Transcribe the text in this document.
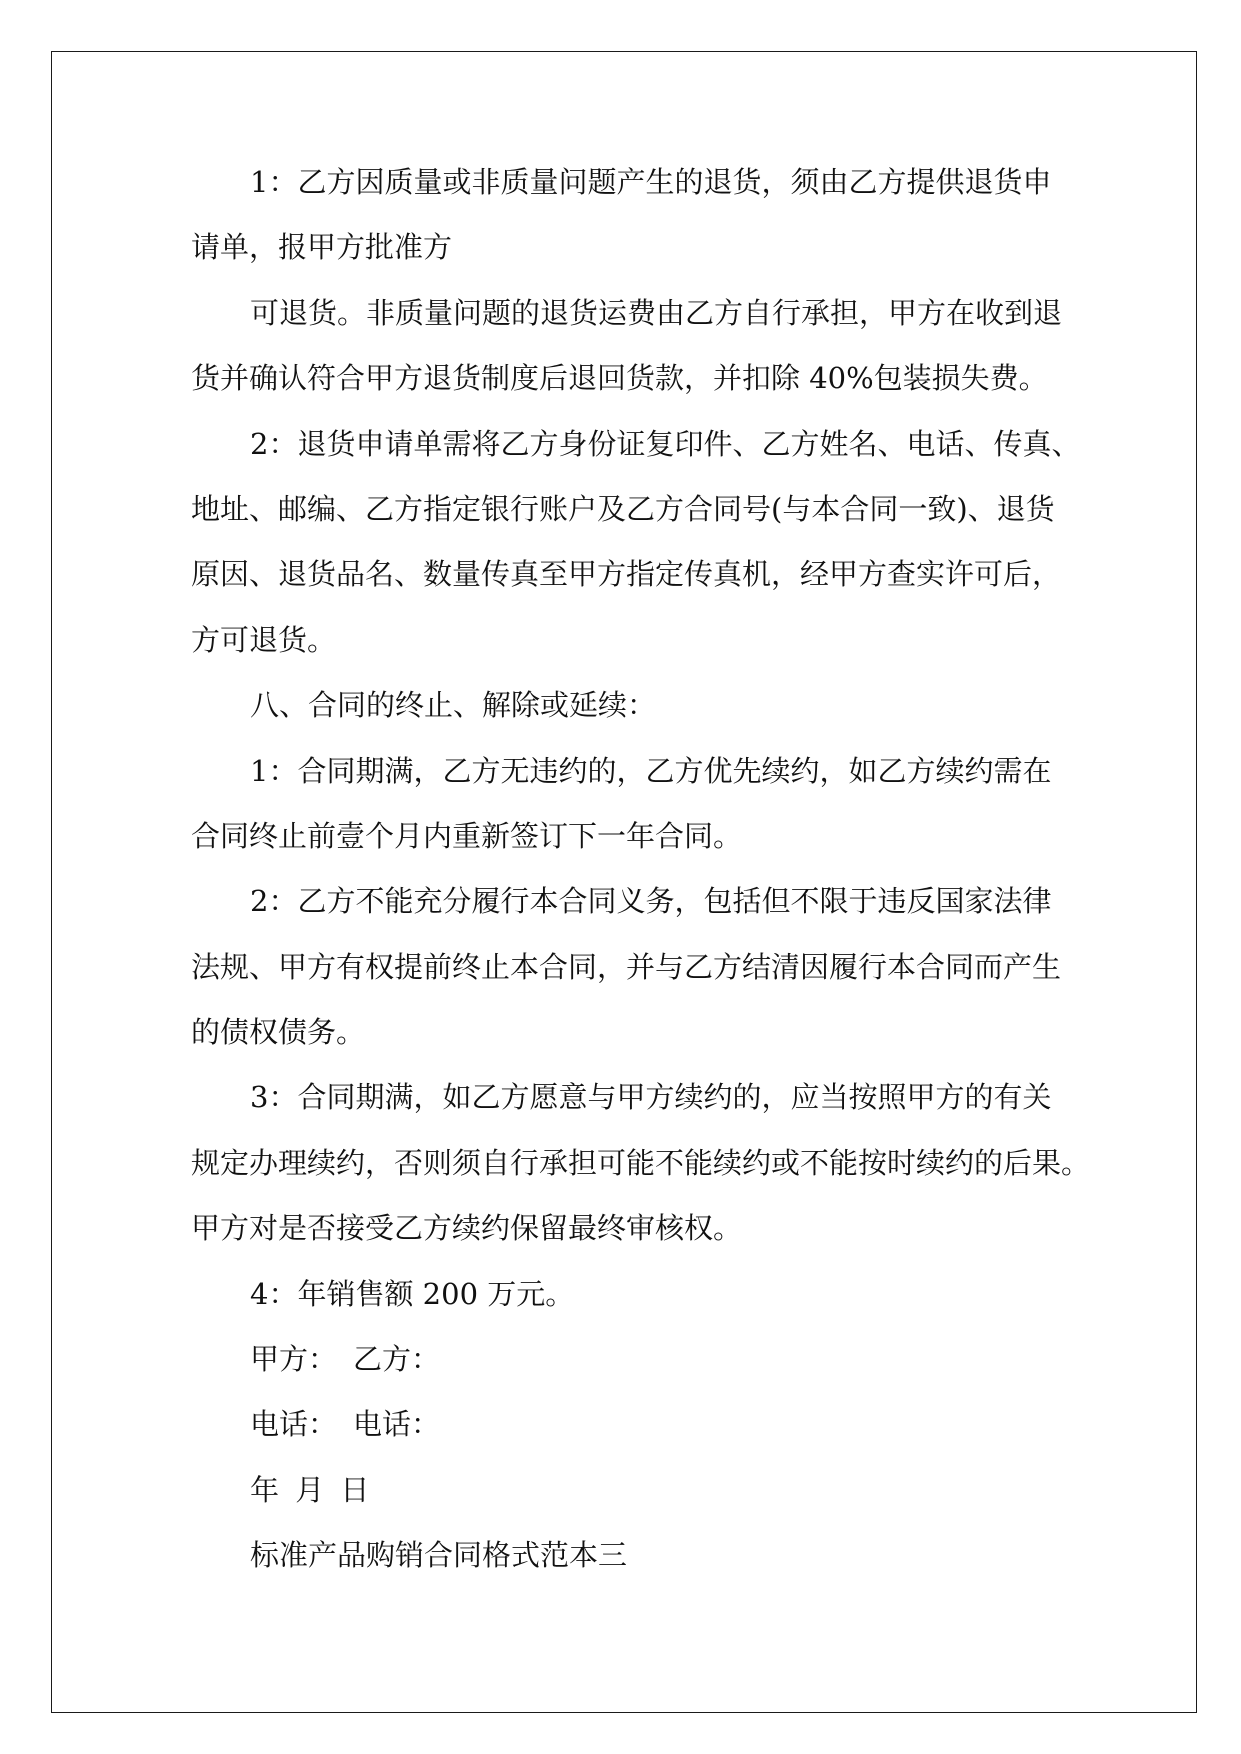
1：乙方因质量或非质量问题产生的退货，须由乙方提供退货申
请单，报甲方批准方
可退货。非质量问题的退货运费由乙方自行承担，甲方在收到退
货并确认符合甲方退货制度后退回货款，并扣除 40%包装损失费。
2：退货申请单需将乙方身份证复印件、乙方姓名、电话、传真、
地址、邮编、乙方指定银行账户及乙方合同号(与本合同一致)、退货
原因、退货品名、数量传真至甲方指定传真机，经甲方查实许可后，
方可退货。
八、合同的终止、解除或延续：
1：合同期满，乙方无违约的，乙方优先续约，如乙方续约需在
合同终止前壹个月内重新签订下一年合同。
2：乙方不能充分履行本合同义务，包括但不限于违反国家法律
法规、甲方有权提前终止本合同，并与乙方结清因履行本合同而产生
的债权债务。
3：合同期满，如乙方愿意与甲方续约的，应当按照甲方的有关
规定办理续约，否则须自行承担可能不能续约或不能按时续约的后果。
甲方对是否接受乙方续约保留最终审核权。
4：年销售额 200 万元。
甲方： 乙方：
电话： 电话：
年 月 日
标准产品购销合同格式范本三
